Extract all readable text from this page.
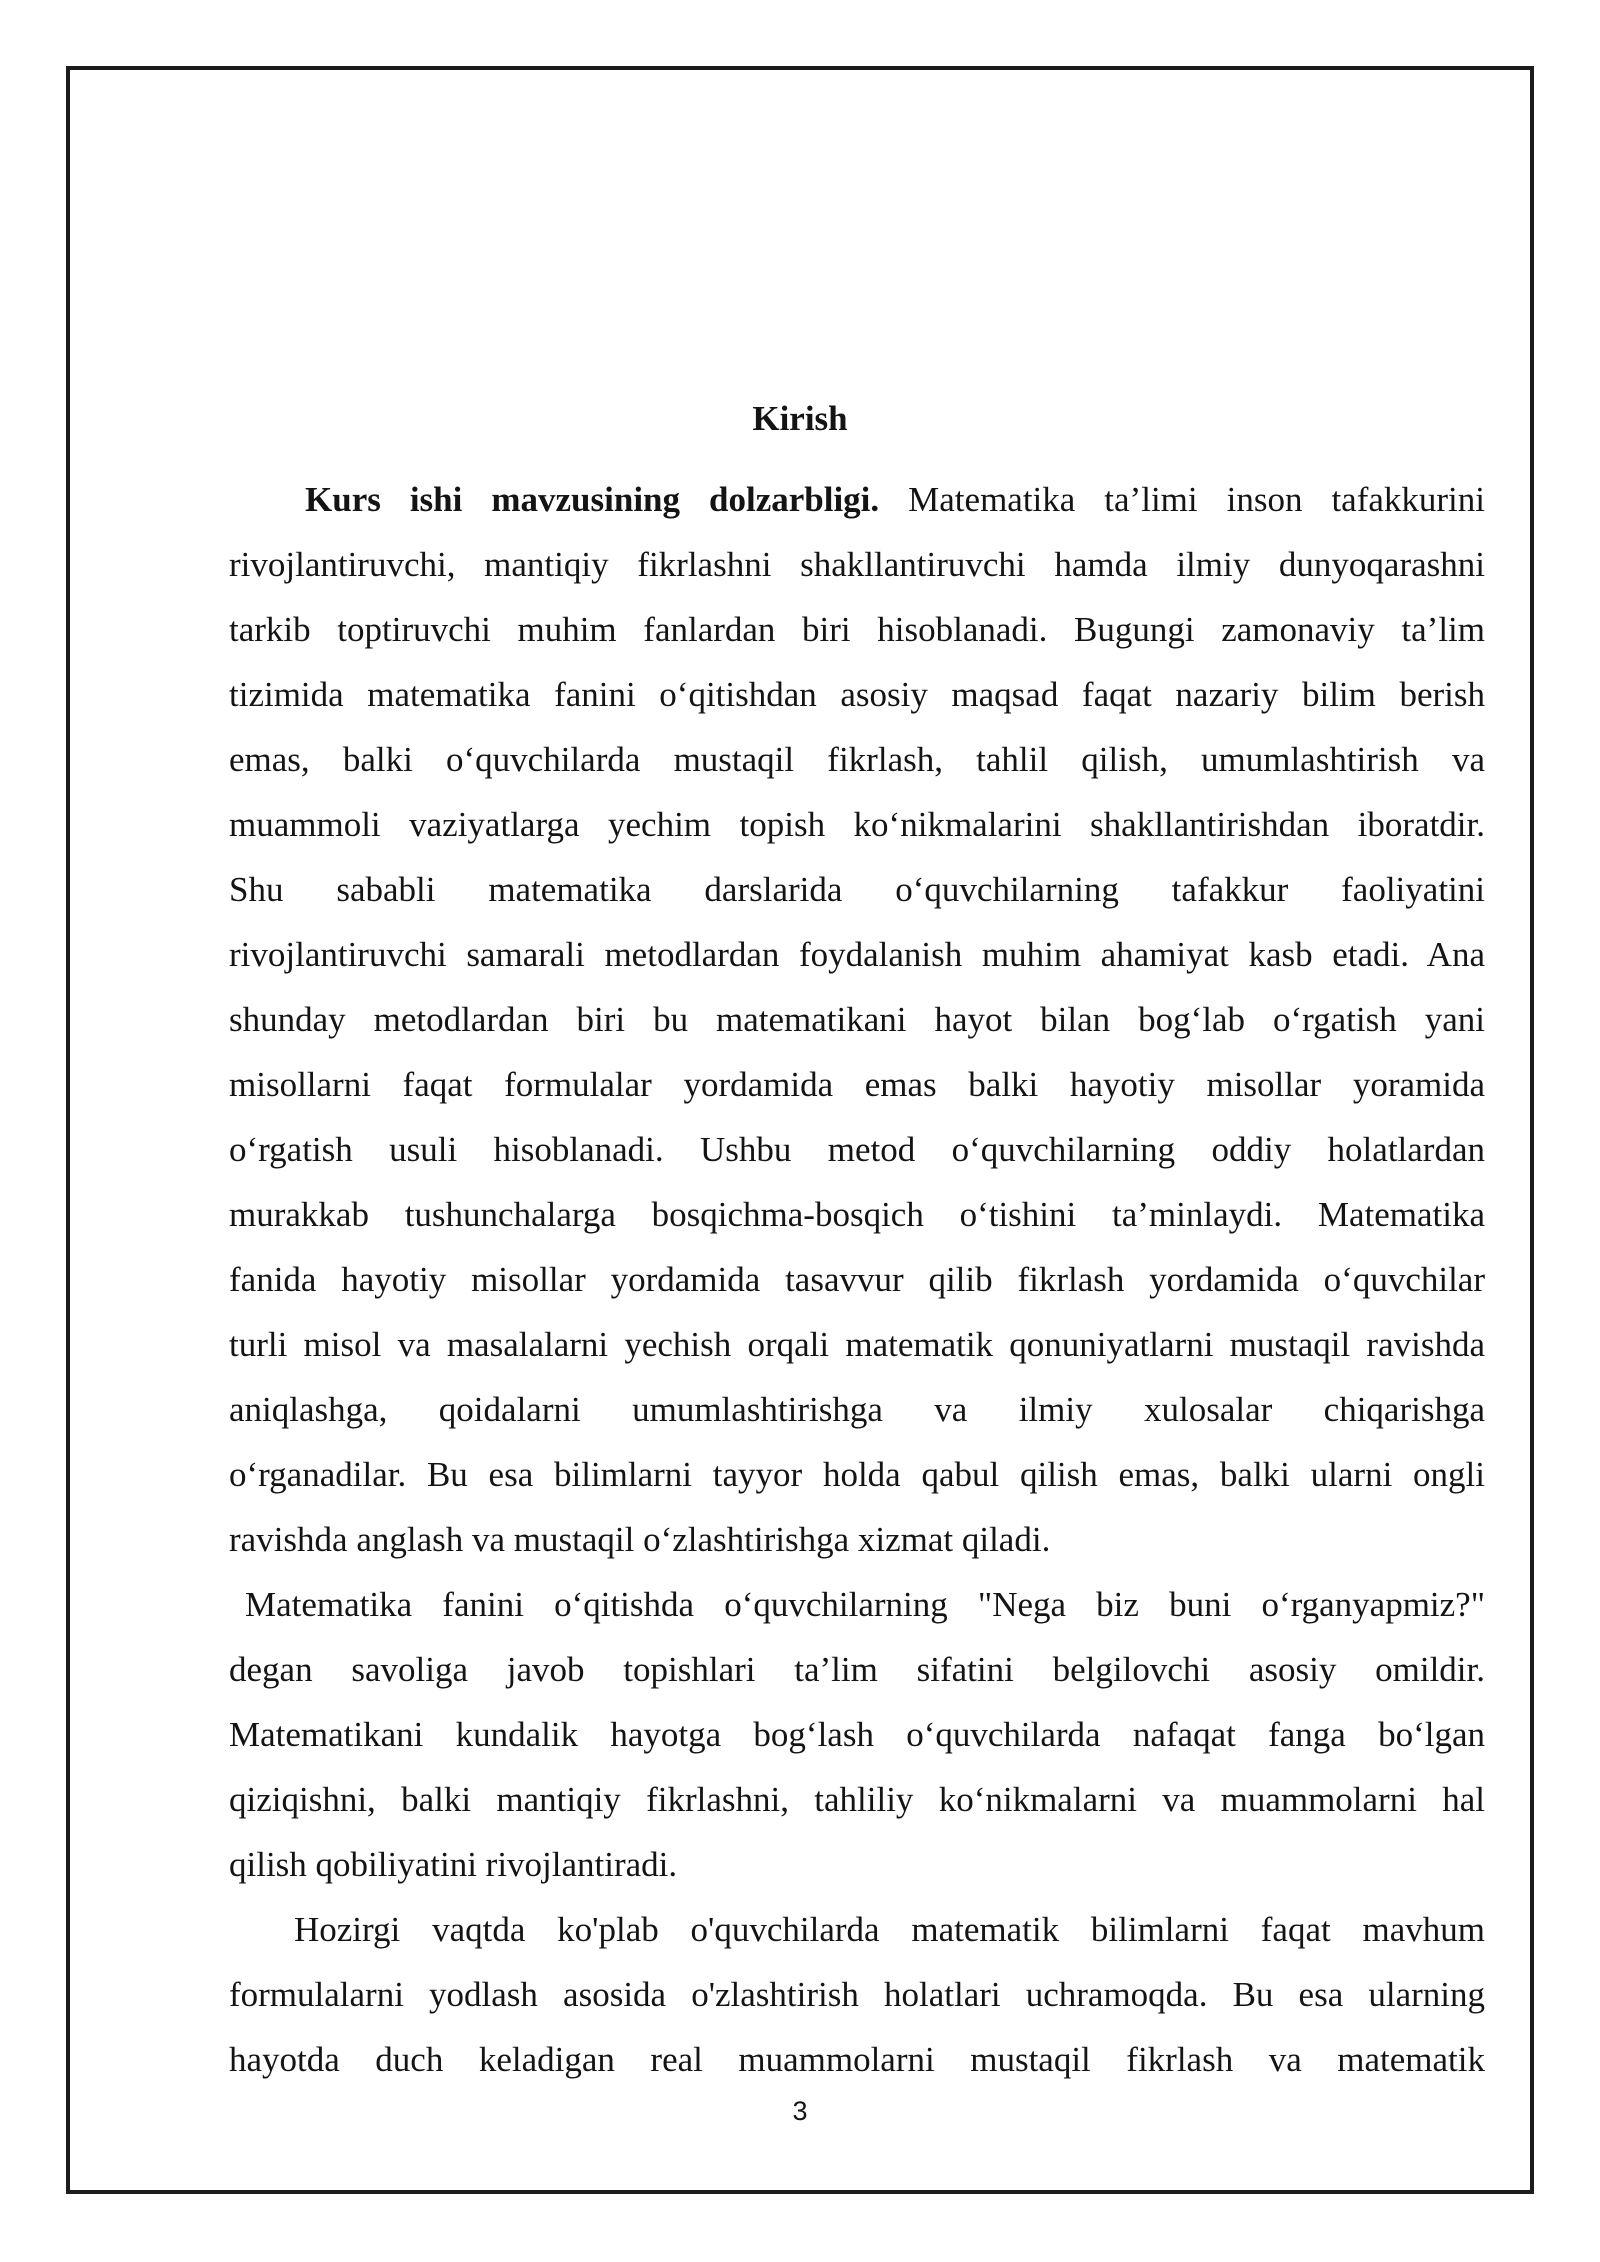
Kirish
Kurs ishi mavzusining dolzarbligi. Matematika ta’limi inson tafakkurini
rivojlantiruvchi, mantiqiy fikrlashni shakllantiruvchi hamda ilmiy dunyoqarashni
tarkib toptiruvchi muhim fanlardan biri hisoblanadi. Bugungi zamonaviy ta’lim
tizimida matematika fanini o‘qitishdan asosiy maqsad faqat nazariy bilim berish
emas, balki o‘quvchilarda mustaqil fikrlash, tahlil qilish, umumlashtirish va
muammoli vaziyatlarga yechim topish ko‘nikmalarini shakllantirishdan iboratdir.
Shu sababli matematika darslarida o‘quvchilarning tafakkur faoliyatini
rivojlantiruvchi samarali metodlardan foydalanish muhim ahamiyat kasb etadi. Ana
shunday metodlardan biri bu matematikani hayot bilan bog‘lab o‘rgatish yani
misollarni faqat formulalar yordamida emas balki hayotiy misollar yoramida
o‘rgatish usuli hisoblanadi. Ushbu metod o‘quvchilarning oddiy holatlardan
murakkab tushunchalarga bosqichma-bosqich o‘tishini ta’minlaydi. Matematika
fanida hayotiy misollar yordamida tasavvur qilib fikrlash yordamida o‘quvchilar
turli misol va masalalarni yechish orqali matematik qonuniyatlarni mustaqil ravishda
aniqlashga, qoidalarni umumlashtirishga va ilmiy xulosalar chiqarishga
o‘rganadilar. Bu esa bilimlarni tayyor holda qabul qilish emas, balki ularni ongli
ravishda anglash va mustaqil o‘zlashtirishga xizmat qiladi.
Matematika fanini o‘qitishda o‘quvchilarning "Nega biz buni o‘rganyapmiz?"
degan savoliga javob topishlari ta’lim sifatini belgilovchi asosiy omildir.
Matematikani kundalik hayotga bog‘lash o‘quvchilarda nafaqat fanga bo‘lgan
qiziqishni, balki mantiqiy fikrlashni, tahliliy ko‘nikmalarni va muammolarni hal
qilish qobiliyatini rivojlantiradi.
Hozirgi vaqtda ko'plab o'quvchilarda matematik bilimlarni faqat mavhum
formulalarni yodlash asosida o'zlashtirish holatlari uchramoqda. Bu esa ularning
hayotda duch keladigan real muammolarni mustaqil fikrlash va matematik
3
